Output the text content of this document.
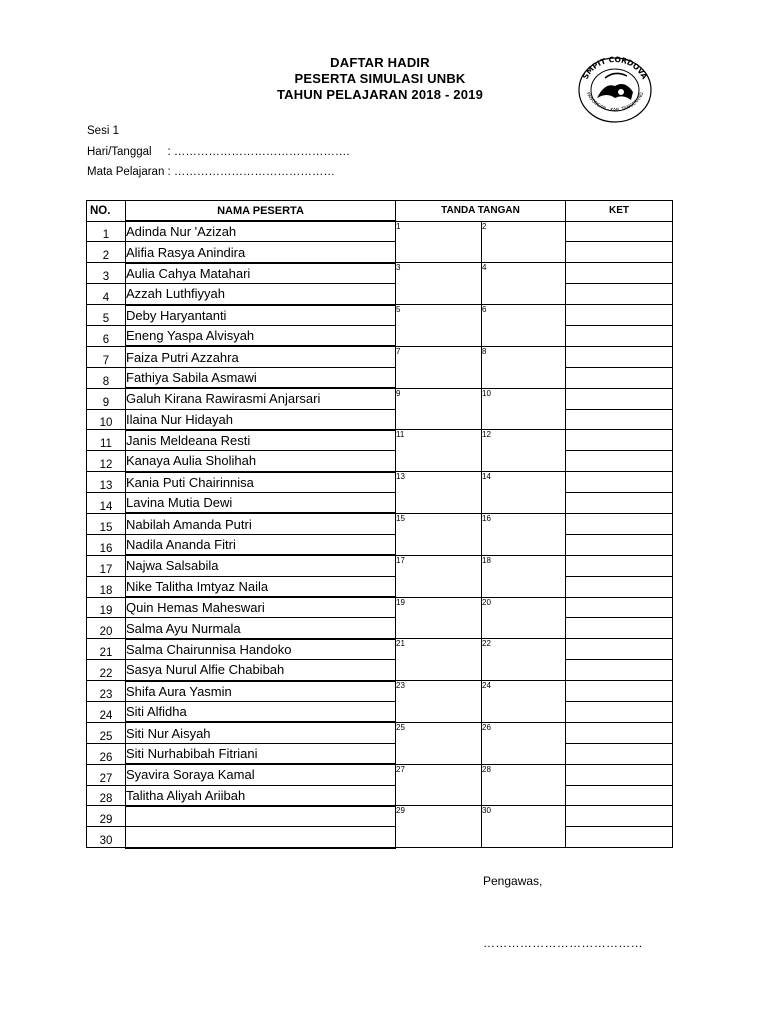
DAFTAR HADIR
PESERTA SIMULASI UNBK
TAHUN PELAJARAN 2018 - 2019
SMPIT CORDOVA
PANONGAN - KAB. TANGERANG
Sesi 1
Hari/Tanggal     : ……………………………………….
Mata Pelajaran : ……………………………………
NO.	NAMA PESERTA	TANDA TANGAN		KET
1	Adinda Nur 'Azizah	1	2	
2	Alifia Rasya Anindira			
3	Aulia Cahya Matahari	3	4	
4	Azzah Luthfiyyah			
5	Deby Haryantanti	5	6	
6	Eneng Yaspa Alvisyah			
7	Faiza Putri Azzahra	7	8	
8	Fathiya Sabila Asmawi			
9	Galuh Kirana Rawirasmi Anjarsari	9	10	
10	Ilaina Nur Hidayah			
11	Janis Meldeana Resti	11	12	
12	Kanaya Aulia Sholihah			
13	Kania Puti Chairinnisa	13	14	
14	Lavina Mutia Dewi			
15	Nabilah Amanda Putri	15	16	
16	Nadila Ananda Fitri			
17	Najwa Salsabila	17	18	
18	Nike Talitha Imtyaz Naila			
19	Quin Hemas Maheswari	19	20	
20	Salma Ayu Nurmala			
21	Salma Chairunnisa Handoko	21	22	
22	Sasya Nurul Alfie Chabibah			
23	Shifa Aura Yasmin	23	24	
24	Siti Alfidha			
25	Siti Nur Aisyah	25	26	
26	Siti Nurhabibah Fitriani			
27	Syavira Soraya Kamal	27	28	
28	Talitha Aliyah Ariibah			
29		29	30	
30				
Pengawas,
…………………………………
